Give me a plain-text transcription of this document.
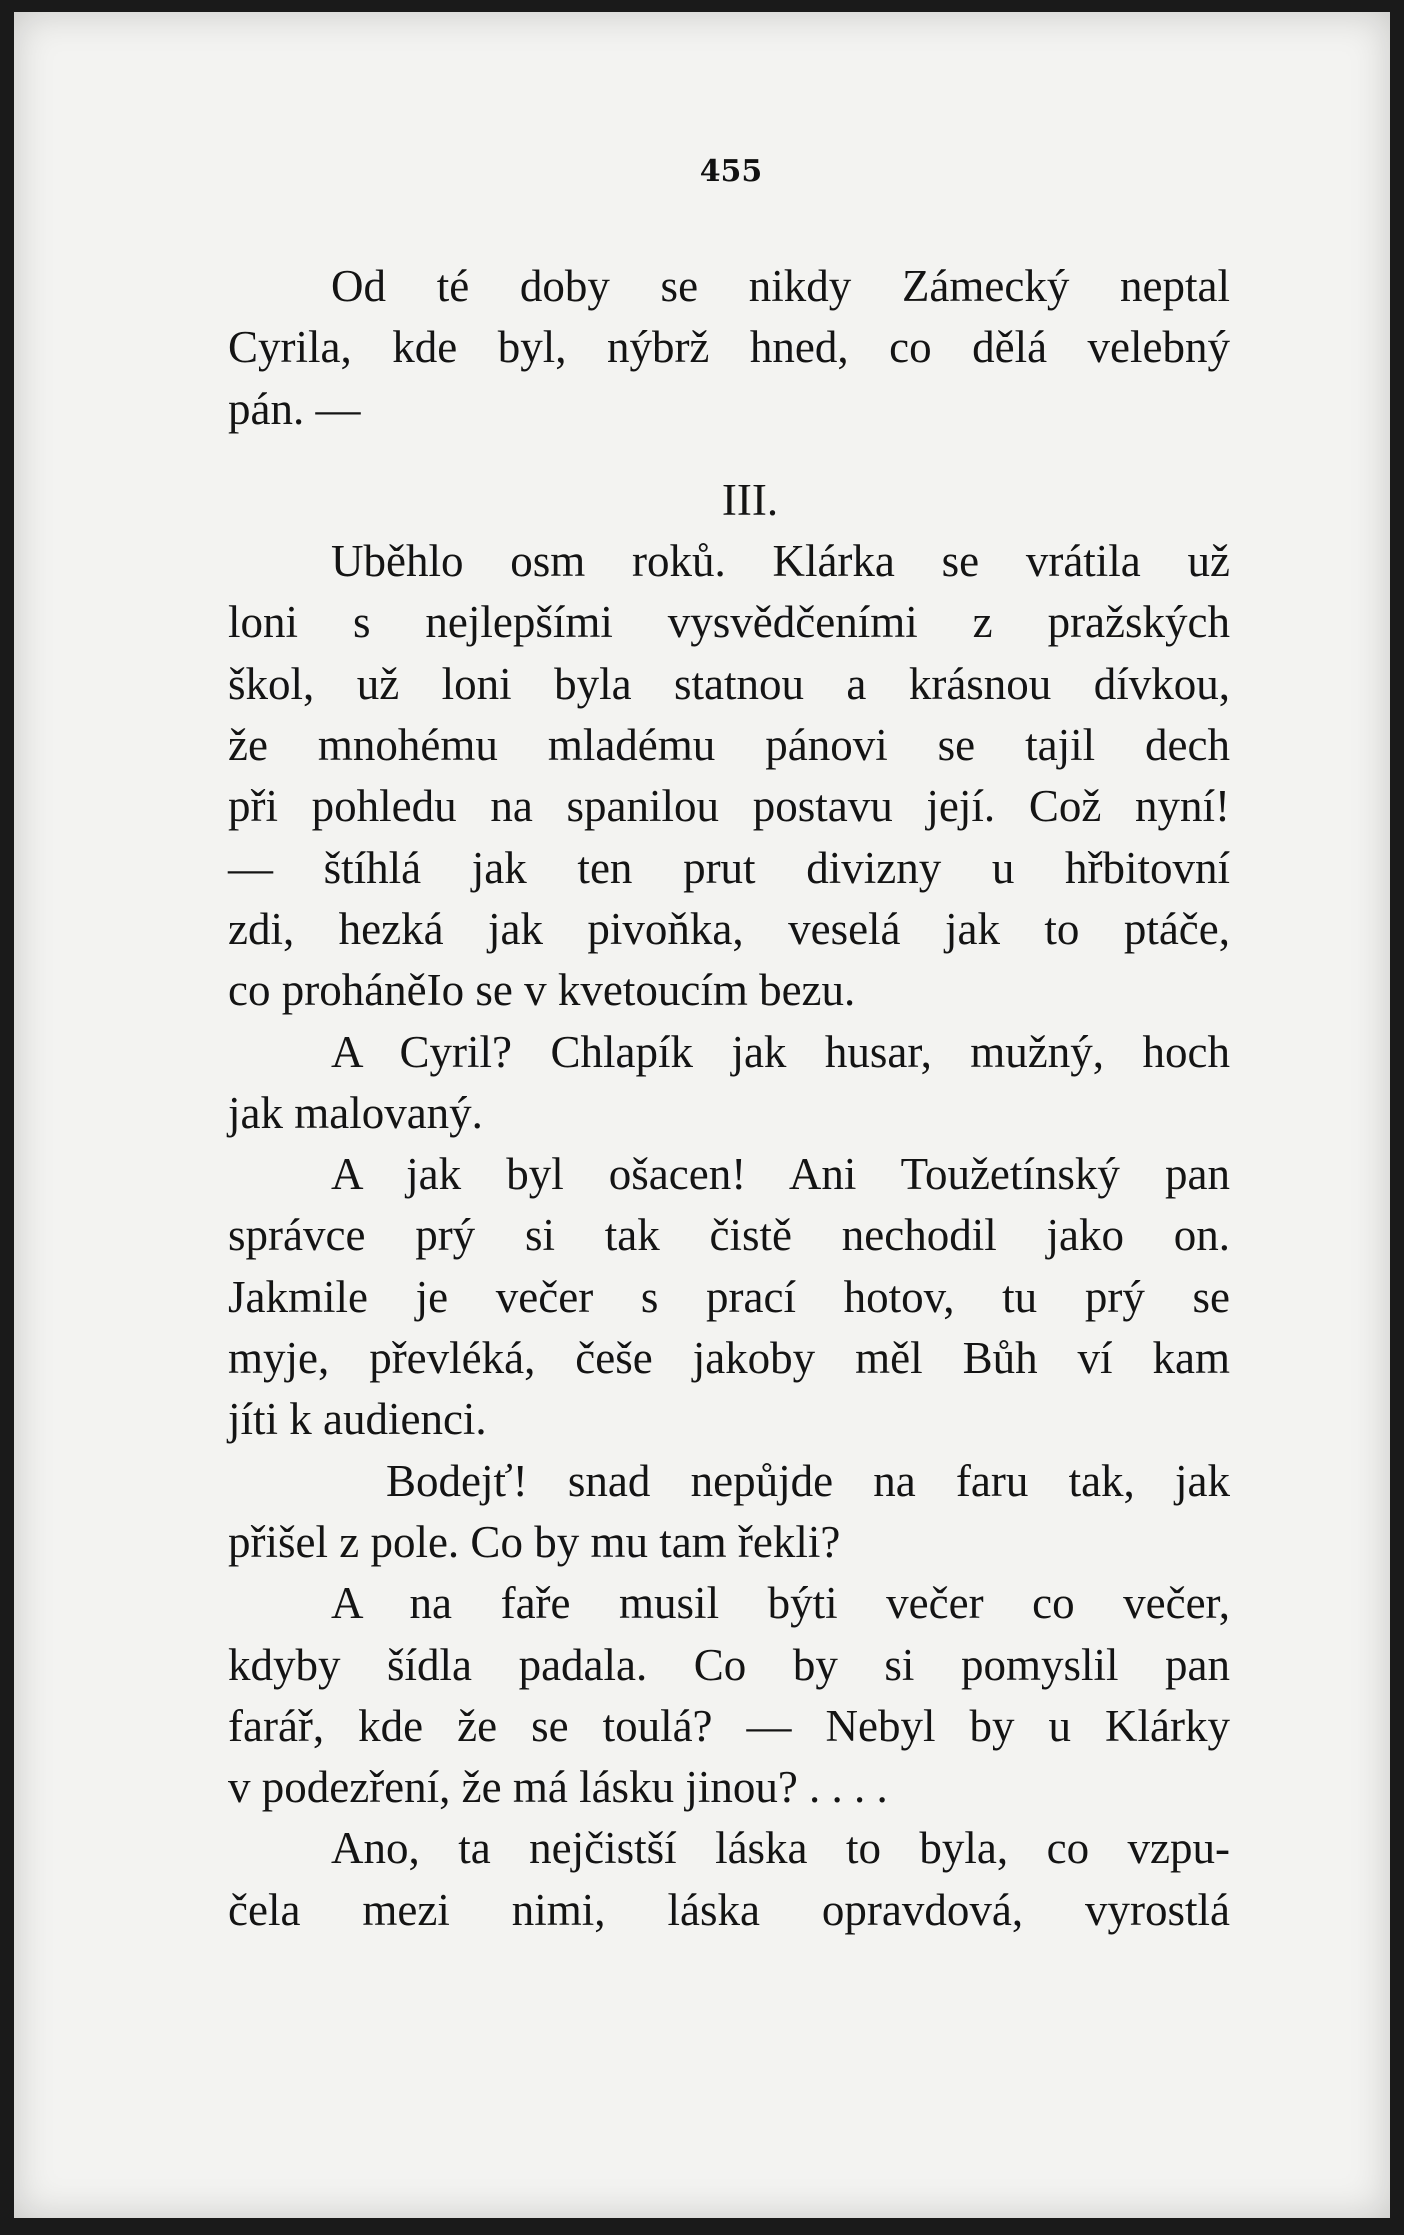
455
Od té doby se nikdy Zámecký neptal
Cyrila, kde byl, nýbrž hned, co dělá velebný
pán. —
III.
Uběhlo osm roků. Klárka se vrátila už
loni s nejlepšími vysvědčeními z pražských
škol, už loni byla statnou a krásnou dívkou,
že mnohému mladému pánovi se tajil dech
při pohledu na spanilou postavu její. Což nyní!
— štíhlá jak ten prut divizny u hřbitovní
zdi, hezká jak pivoňka, veselá jak to ptáče,
co proháněIo se v kvetoucím bezu.
A Cyril? Chlapík jak husar, mužný, hoch
jak malovaný.
A jak byl ošacen! Ani Toužetínský pan
správce prý si tak čistě nechodil jako on.
Jakmile je večer s prací hotov, tu prý se
myje, převléká, češe jakoby měl Bůh ví kam
jíti k audienci.
Bodejť! snad nepůjde na faru tak, jak
přišel z pole. Co by mu tam řekli?
A na faře musil býti večer co večer,
kdyby šídla padala. Co by si pomyslil pan
farář, kde že se toulá? — Nebyl by u Klárky
v podezření, že má lásku jinou? . . . .
Ano, ta nejčistší láska to byla, co vzpu-
čela mezi nimi, láska opravdová, vyrostlá
